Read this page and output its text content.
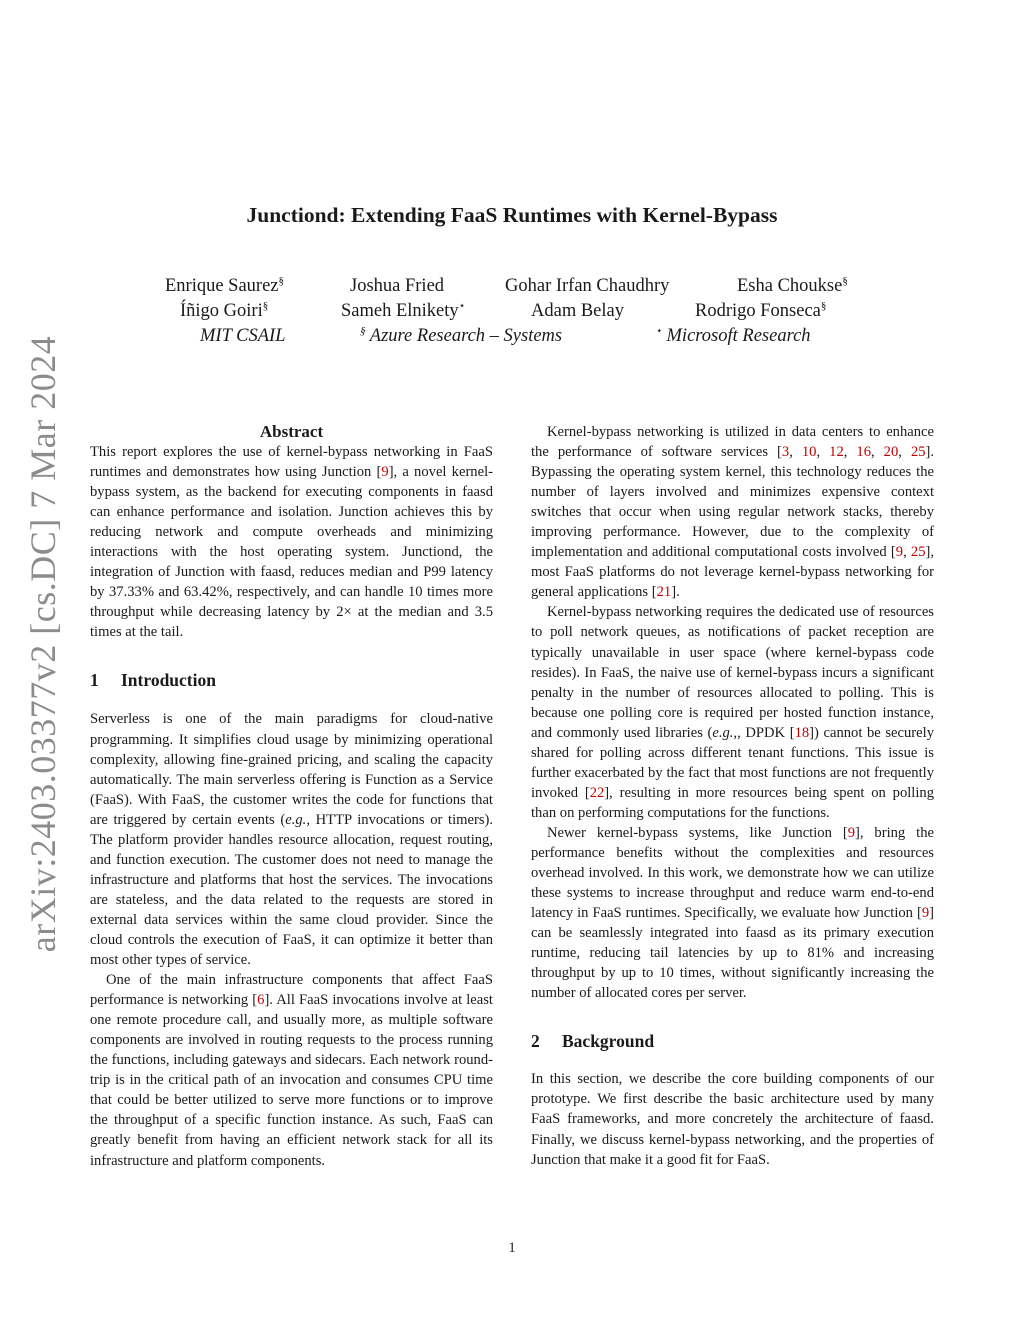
arXiv:2403.03377v2 [cs.DC] 7 Mar 2024
Junctiond: Extending FaaS Runtimes with Kernel-Bypass
Enrique Saurez§	Joshua Fried	Gohar Irfan Chaudhry	Esha Choukse§
Íñigo Goiri§	Sameh Elnikety⋆	Adam Belay	Rodrigo Fonseca§
MIT CSAIL	§ Azure Research – Systems	⋆ Microsoft Research
Abstract

This report explores the use of kernel-bypass networking in FaaS runtimes and demonstrates how using Junction [9], a novel kernel-bypass system, as the backend for executing components in faasd can enhance performance and isolation. Junction achieves this by reducing network and compute overheads and minimizing interactions with the host operating system. Junctiond, the integration of Junction with faasd, reduces median and P99 latency by 37.33% and 63.42%, respectively, and can handle 10 times more throughput while decreasing latency by 2× at the median and 3.5 times at the tail.

1 Introduction

Serverless is one of the main paradigms for cloud-native programming. It simplifies cloud usage by minimizing operational complexity, allowing fine-grained pricing, and scaling the capacity automatically. The main serverless offering is Function as a Service (FaaS). With FaaS, the customer writes the code for functions that are triggered by certain events (e.g., HTTP invocations or timers). The platform provider handles resource allocation, request routing, and function execution. The customer does not need to manage the infrastructure and platforms that host the services. The invocations are stateless, and the data related to the requests are stored in external data services within the same cloud provider. Since the cloud controls the execution of FaaS, it can optimize it better than most other types of service.

One of the main infrastructure components that affect FaaS performance is networking [6]. All FaaS invocations involve at least one remote procedure call, and usually more, as multiple software components are involved in routing requests to the process running the functions, including gateways and sidecars. Each network round-trip is in the critical path of an invocation and consumes CPU time that could be better utilized to serve more functions or to improve the throughput of a specific function instance. As such, FaaS can greatly benefit from having an efficient network stack for all its infrastructure and platform components.

Kernel-bypass networking is utilized in data centers to enhance the performance of software services [3, 10, 12, 16, 20, 25]. Bypassing the operating system kernel, this technology reduces the number of layers involved and minimizes expensive context switches that occur when using regular network stacks, thereby improving performance. However, due to the complexity of implementation and additional computational costs involved [9, 25], most FaaS platforms do not leverage kernel-bypass networking for general applications [21].

Kernel-bypass networking requires the dedicated use of resources to poll network queues, as notifications of packet reception are typically unavailable in user space (where kernel-bypass code resides). In FaaS, the naive use of kernel-bypass incurs a significant penalty in the number of resources allocated to polling. This is because one polling core is required per hosted function instance, and commonly used libraries (e.g.,, DPDK [18]) cannot be securely shared for polling across different tenant functions. This issue is further exacerbated by the fact that most functions are not frequently invoked [22], resulting in more resources being spent on polling than on performing computations for the functions.

Newer kernel-bypass systems, like Junction [9], bring the performance benefits without the complexities and resources overhead involved. In this work, we demonstrate how we can utilize these systems to increase throughput and reduce warm end-to-end latency in FaaS runtimes. Specifically, we evaluate how Junction [9] can be seamlessly integrated into faasd as its primary execution runtime, reducing tail latencies by up to 81% and increasing throughput by up to 10 times, without significantly increasing the number of allocated cores per server.

2 Background

In this section, we describe the core building components of our prototype. We first describe the basic architecture used by many FaaS frameworks, and more concretely the architecture of faasd. Finally, we discuss kernel-bypass networking, and the properties of Junction that make it a good fit for FaaS.

1
